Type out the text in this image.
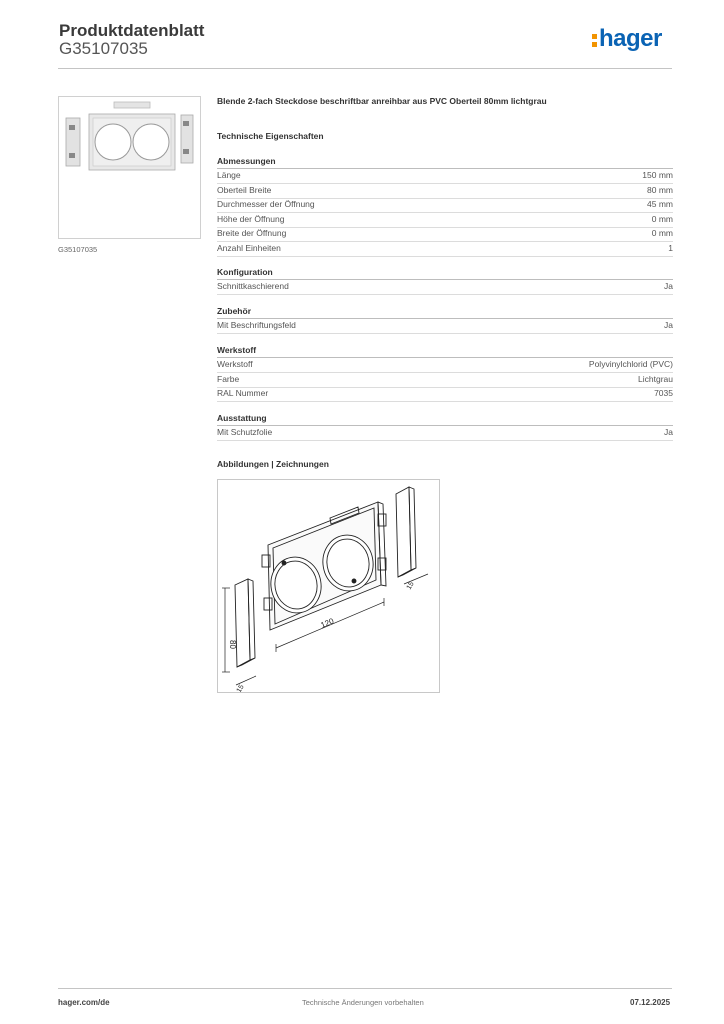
Produktdatenblatt
G35107035	hager
G35107035
Blende 2-fach Steckdose beschriftbar anreihbar aus PVC Oberteil 80mm lichtgrau
Technische Eigenschaften
Abmessungen
Länge	150 mm
Oberteil Breite	80 mm
Durchmesser der Öffnung	45 mm
Höhe der Öffnung	0 mm
Breite der Öffnung	0 mm
Anzahl Einheiten	1
Konfiguration
Schnittkaschierend	Ja
Zubehör
Mit Beschriftungsfeld	Ja
Werkstoff
Werkstoff	Polyvinylchlorid (PVC)
Farbe	Lichtgrau
RAL Nummer	7035
Ausstattung
Mit Schutzfolie	Ja
Abbildungen | Zeichnungen
120
15
15
80
hager.com/de	Technische Änderungen vorbehalten	07.12.2025
